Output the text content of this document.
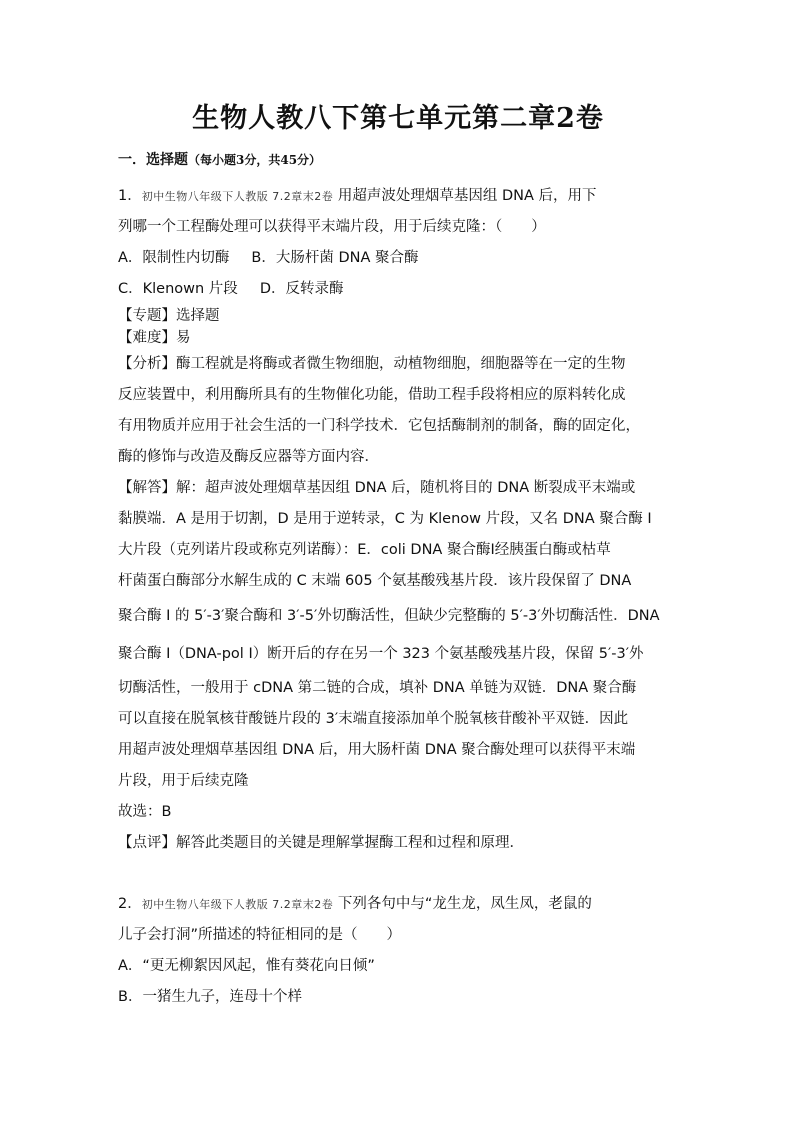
生物人教八下第七单元第二章2卷
一．选择题（每小题3分，共45分）

1．初中生物八年级下人教版 7.2章末2卷 用超声波处理烟草基因组 DNA 后，用下

列哪一个工程酶处理可以获得平末端片段，用于后续克隆：（　　）

A．限制性内切酶 B．大肠杆菌 DNA 聚合酶

C．Klenown 片段 D．反转录酶

【专题】选择题

【难度】易

【分析】酶工程就是将酶或者微生物细胞，动植物细胞，细胞器等在一定的生物

反应装置中，利用酶所具有的生物催化功能，借助工程手段将相应的原料转化成

有用物质并应用于社会生活的一门科学技术．它包括酶制剂的制备，酶的固定化，

酶的修饰与改造及酶反应器等方面内容．

【解答】解：超声波处理烟草基因组 DNA 后，随机将目的 DNA 断裂成平末端或

黏膜端．A 是用于切割，D 是用于逆转录，C 为 Klenow 片段，又名 DNA 聚合酶 I

大片段（克列诺片段或称克列诺酶）：E．coli DNA 聚合酶Ⅰ经胰蛋白酶或枯草

杆菌蛋白酶部分水解生成的 C 末端 605 个氨基酸残基片段．该片段保留了 DNA

聚合酶 I 的 5′-3′聚合酶和 3′-5′外切酶活性，但缺少完整酶的 5′-3′外切酶活性．DNA

聚合酶 I（DNA-pol I）断开后的存在另一个 323 个氨基酸残基片段，保留 5′-3′外

切酶活性，一般用于 cDNA 第二链的合成，填补 DNA 单链为双链．DNA 聚合酶

可以直接在脱氧核苷酸链片段的 3′末端直接添加单个脱氧核苷酸补平双链．因此

用超声波处理烟草基因组 DNA 后，用大肠杆菌 DNA 聚合酶处理可以获得平末端

片段，用于后续克隆

故选：B

【点评】解答此类题目的关键是理解掌握酶工程和过程和原理．

2．初中生物八年级下人教版 7.2章末2卷 下列各句中与“龙生龙，凤生凤，老鼠的

儿子会打洞”所描述的特征相同的是（　　）

A．“更无柳絮因风起，惟有葵花向日倾”

B．一猪生九子，连母十个样
